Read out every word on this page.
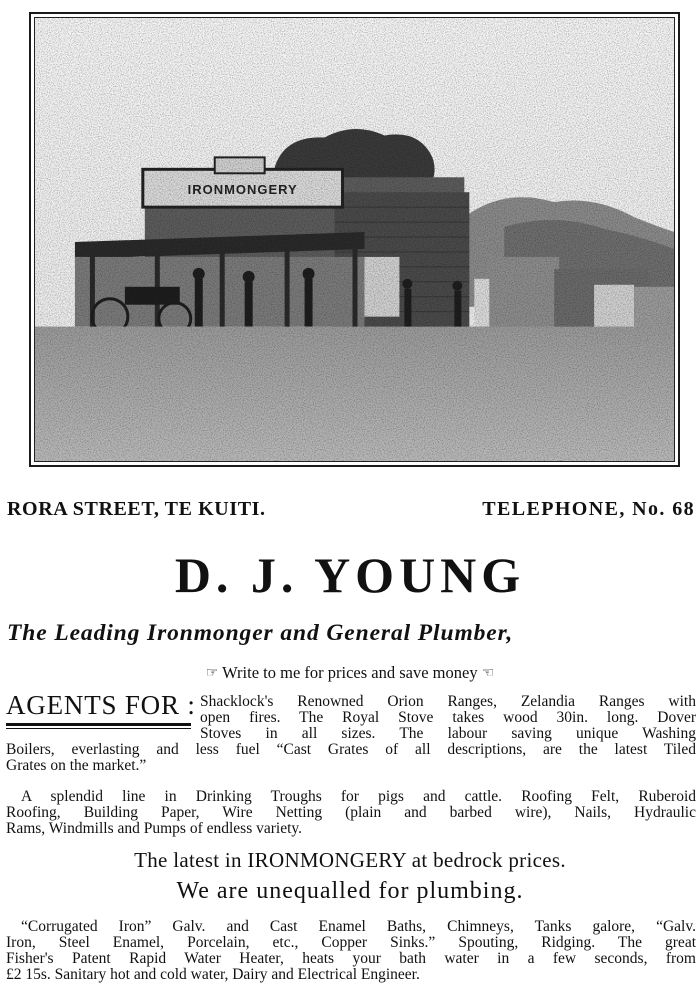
IRONMONGERY
RORA STREET, TE KUITI.	TELEPHONE, No. 68
D. J. YOUNG
The Leading Ironmonger and General Plumber,
☞ Write to me for prices and save money ☜
AGENTS FOR : Shacklock's Renowned Orion Ranges, Zelandia Ranges with
open fires. The Royal Stove takes wood 30in. long. Dover
Stoves in all sizes. The labour saving unique Washing
Boilers, everlasting and less fuel “Cast Grates of all descriptions, are the latest Tiled
Grates on the market.”
A splendid line in Drinking Troughs for pigs and cattle. Roofing Felt, Ruberoid
Roofing, Building Paper, Wire Netting (plain and barbed wire), Nails, Hydraulic
Rams, Windmills and Pumps of endless variety.
The latest in IRONMONGERY at bedrock prices.
We are unequalled for plumbing.
“Corrugated Iron” Galv. and Cast Enamel Baths, Chimneys, Tanks galore, “Galv.
Iron, Steel Enamel, Porcelain, etc., Copper Sinks.” Spouting, Ridging. The great
Fisher's Patent Rapid Water Heater, heats your bath water in a few seconds, from
£2 15s. Sanitary hot and cold water, Dairy and Electrical Engineer.
